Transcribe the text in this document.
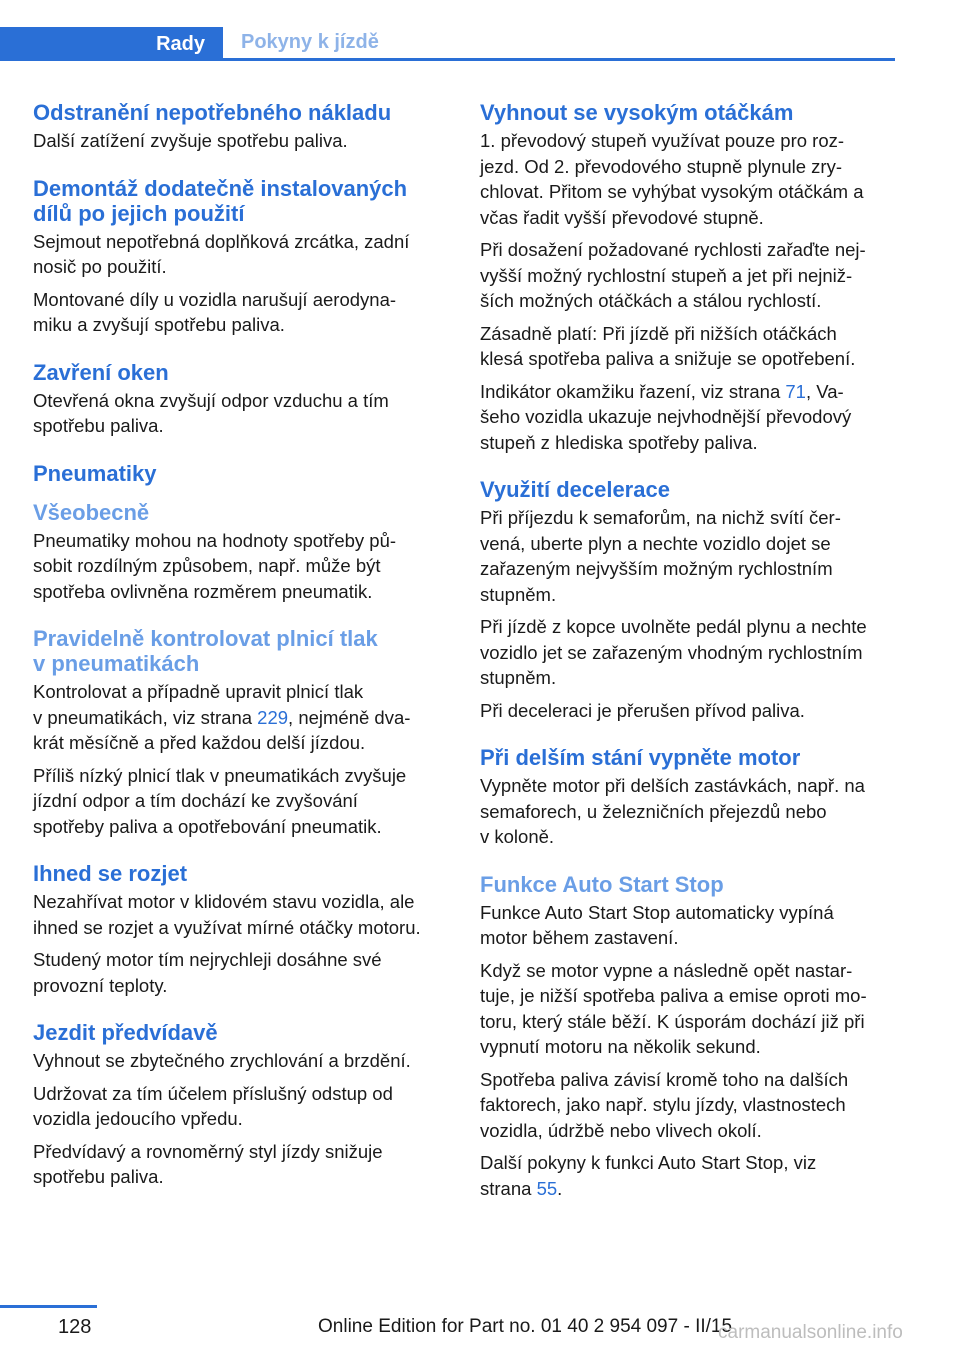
Rady	Pokyny k jízdě
Odstranění nepotřebného nákladu
Další zatížení zvyšuje spotřebu paliva.
Demontáž dodatečně instalovaných
dílů po jejich použití
Sejmout nepotřebná doplňková zrcátka, zadní
nosič po použití.
Montované díly u vozidla narušují aerodyna‐
miku a zvyšují spotřebu paliva.
Zavření oken
Otevřená okna zvyšují odpor vzduchu a tím
spotřebu paliva.
Pneumatiky
Všeobecně
Pneumatiky mohou na hodnoty spotřeby pů‐
sobit rozdílným způsobem, např. může být
spotřeba ovlivněna rozměrem pneumatik.
Pravidelně kontrolovat plnicí tlak
v pneumatikách
Kontrolovat a případně upravit plnicí tlak
v pneumatikách, viz strana 229, nejméně dva‐
krát měsíčně a před každou delší jízdou.
Příliš nízký plnicí tlak v pneumatikách zvyšuje
jízdní odpor a tím dochází ke zvyšování
spotřeby paliva a opotřebování pneumatik.
Ihned se rozjet
Nezahřívat motor v klidovém stavu vozidla, ale
ihned se rozjet a využívat mírné otáčky motoru.
Studený motor tím nejrychleji dosáhne své
provozní teploty.
Jezdit předvídavě
Vyhnout se zbytečného zrychlování a brzdění.
Udržovat za tím účelem příslušný odstup od
vozidla jedoucího vpředu.
Předvídavý a rovnoměrný styl jízdy snižuje
spotřebu paliva.
Vyhnout se vysokým otáčkám
1. převodový stupeň využívat pouze pro roz‐
jezd. Od 2. převodového stupně plynule zry‐
chlovat. Přitom se vyhýbat vysokým otáčkám a
včas řadit vyšší převodové stupně.
Při dosažení požadované rychlosti zařaďte nej‐
vyšší možný rychlostní stupeň a jet při nejniž‐
ších možných otáčkách a stálou rychlostí.
Zásadně platí: Při jízdě při nižších otáčkách
klesá spotřeba paliva a snižuje se opotřebení.
Indikátor okamžiku řazení, viz strana 71, Va‐
šeho vozidla ukazuje nejvhodnější převodový
stupeň z hlediska spotřeby paliva.
Využití decelerace
Při příjezdu k semaforům, na nichž svítí čer‐
vená, uberte plyn a nechte vozidlo dojet se
zařazeným nejvyšším možným rychlostním
stupněm.
Při jízdě z kopce uvolněte pedál plynu a nechte
vozidlo jet se zařazeným vhodným rychlostním
stupněm.
Při deceleraci je přerušen přívod paliva.
Při delším stání vypněte motor
Vypněte motor při delších zastávkách, např. na
semaforech, u železničních přejezdů nebo
v koloně.
Funkce Auto Start Stop
Funkce Auto Start Stop automaticky vypíná
motor během zastavení.
Když se motor vypne a následně opět nastar‐
tuje, je nižší spotřeba paliva a emise oproti mo‐
toru, který stále běží. K úsporám dochází již při
vypnutí motoru na několik sekund.
Spotřeba paliva závisí kromě toho na dalších
faktorech, jako např. stylu jízdy, vlastnostech
vozidla, údržbě nebo vlivech okolí.
Další pokyny k funkci Auto Start Stop, viz
strana 55.
128	Online Edition for Part no. 01 40 2 954 097 - II/15
carmanualsonline.info
